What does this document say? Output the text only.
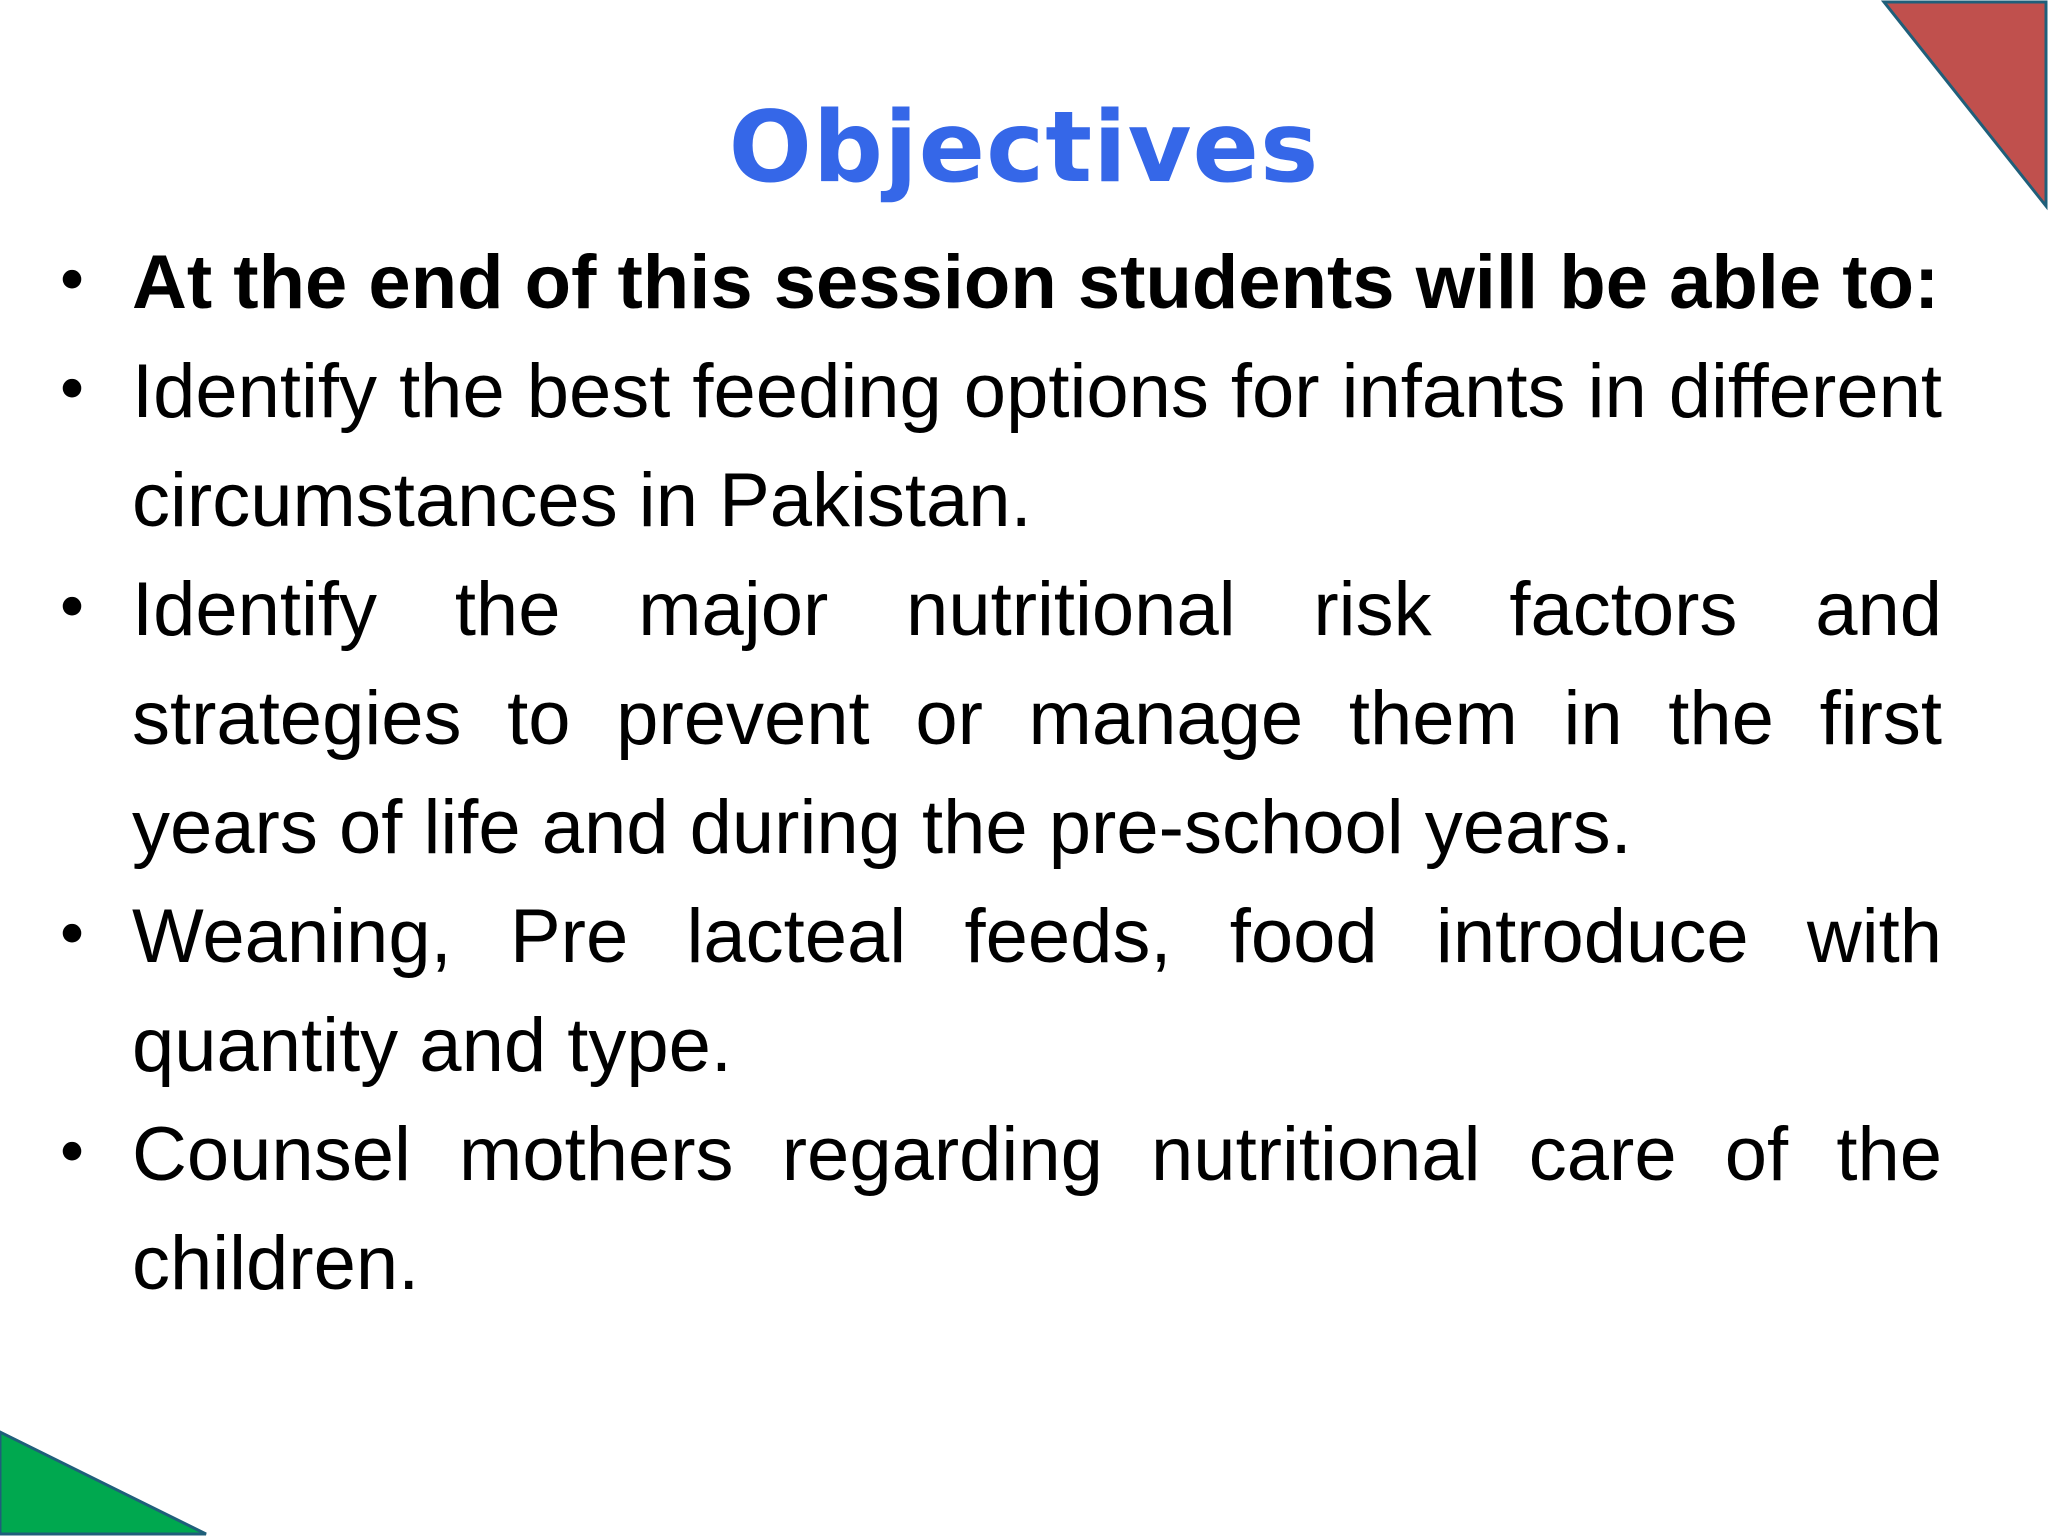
Objectives
• At the end of this session students will be able to:
• Identify the best feeding options for infants in different circumstances in Pakistan.
• Identify the major nutritional risk factors and strategies to prevent or manage them in the first years of life and during the pre-school years.
• Weaning, Pre lacteal feeds, food introduce with quantity and type.
• Counsel mothers regarding nutritional care of the children.
